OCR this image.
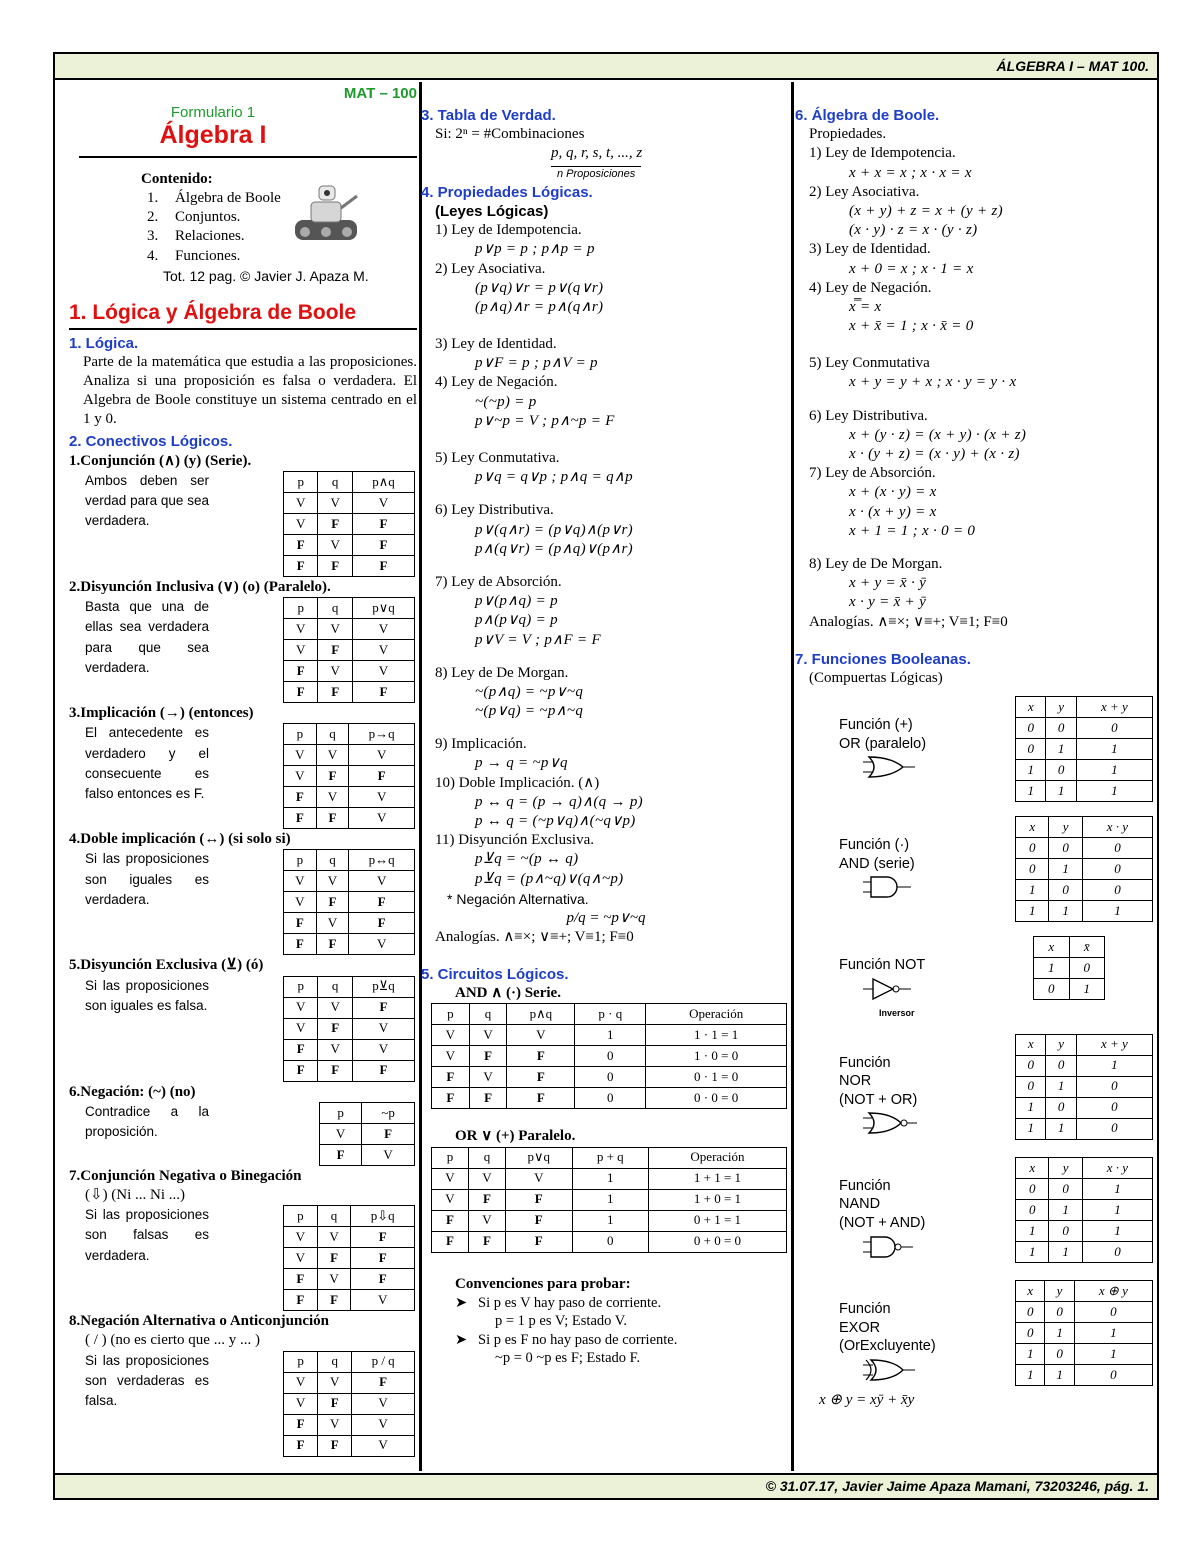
ÁLGEBRA I – MAT 100.
MAT – 100
Formulario 1
Álgebra I
Contenido:
1. Álgebra de Boole
2. Conjuntos.
3. Relaciones.
4. Funciones.
Tot. 12 pag. © Javier J. Apaza M.
1. Lógica y Álgebra de Boole
1. Lógica.
Parte de la matemática que estudia a las proposiciones. Analiza si una proposición es falsa o verdadera. El Algebra de Boole constituye un sistema centrado en el 1 y 0.
2. Conectivos Lógicos.
1.Conjunción (∧) (y) (Serie).
Ambos deben ser verdad para que sea verdadera.
p	q	p∧q
V	V	V
V	F	F
F	V	F
F	F	F
2.Disyunción Inclusiva (∨) (o) (Paralelo).
Basta que una de ellas sea verdadera para que sea verdadera.
p	q	p∨q
V	V	V
V	F	V
F	V	V
F	F	F
3.Implicación (→) (entonces)
El antecedente es verdadero y el consecuente es falso entonces es F.
p	q	p→q
V	V	V
V	F	F
F	V	V
F	F	V
4.Doble implicación (↔) (si solo si)
Si las proposiciones son iguales es verdadera.
p	q	p↔q
V	V	V
V	F	F
F	V	F
F	F	V
5.Disyunción Exclusiva (⊻) (ó)
Si las proposiciones son iguales es falsa.
p	q	p⊻q
V	V	F
V	F	V
F	V	V
F	F	F
6.Negación: (~) (no)
Contradice a la proposición.
p	~p
V	F
F	V
7.Conjunción Negativa o Binegación
(⇩) (Ni ... Ni ...)
Si las proposiciones son falsas es verdadera.
p	q	p⇩q
V	V	F
V	F	F
F	V	F
F	F	V
8.Negación Alternativa o Anticonjunción
( / ) (no es cierto que ... y ... )
Si las proposiciones son verdaderas es falsa.
p	q	p / q
V	V	F
V	F	V
F	V	V
F	F	V
3. Tabla de Verdad.
Si: 2ⁿ = #Combinaciones
p, q, r, s, t, ..., z
n Proposiciones
4. Propiedades Lógicas.
(Leyes Lógicas)
1) Ley de Idempotencia.
p∨p = p ; p∧p = p
2) Ley Asociativa.
(p∨q)∨r = p∨(q∨r)
(p∧q)∧r = p∧(q∧r)
3) Ley de Identidad.
p∨F = p ; p∧V = p
4) Ley de Negación.
~(~p) = p
p∨~p = V ; p∧~p = F
5) Ley Conmutativa.
p∨q = q∨p ; p∧q = q∧p
6) Ley Distributiva.
p∨(q∧r) = (p∨q)∧(p∨r)
p∧(q∨r) = (p∧q)∨(p∧r)
7) Ley de Absorción.
p∨(p∧q) = p
p∧(p∨q) = p
p∨V = V ; p∧F = F
8) Ley de De Morgan.
~(p∧q) = ~p∨~q
~(p∨q) = ~p∧~q
9) Implicación.
p → q = ~p∨q
10) Doble Implicación. (∧)
p ↔ q = (p → q)∧(q → p)
p ↔ q = (~p∨q)∧(~q∨p)
11) Disyunción Exclusiva.
p⊻q = ~(p ↔ q)
p⊻q = (p∧~q)∨(q∧~p)
* Negación Alternativa.
p/q = ~p∨~q
Analogías. ∧≡×; ∨≡+; V≡1; F≡0
5. Circuitos Lógicos.
AND ∧ (·) Serie.
p	q	p∧q	p · q	Operación
V	V	V	1	1 · 1 = 1
V	F	F	0	1 · 0 = 0
F	V	F	0	0 · 1 = 0
F	F	F	0	0 · 0 = 0
OR ∨ (+) Paralelo.
p	q	p∨q	p + q	Operación
V	V	V	1	1 + 1 = 1
V	F	F	1	1 + 0 = 1
F	V	F	1	0 + 1 = 1
F	F	F	0	0 + 0 = 0
Convenciones para probar:
➤   Si p es V hay paso de corriente.
p = 1 p es V; Estado V.
➤   Si p es F no hay paso de corriente.
~p = 0 ~p es F; Estado F.
6. Álgebra de Boole.
Propiedades.
1) Ley de Idempotencia.
x + x = x ; x · x = x
2) Ley Asociativa.
(x + y) + z = x + (y + z)
(x · y) · z = x · (y · z)
3) Ley de Identidad.
x + 0 = x ; x · 1 = x
4) Ley de Negación.
x̿ = x
x + x̄ = 1 ; x · x̄ = 0
5) Ley Conmutativa
x + y = y + x ; x · y = y · x
6) Ley Distributiva.
x + (y · z) = (x + y) · (x + z)
x · (y + z) = (x · y) + (x · z)
7) Ley de Absorción.
x + (x · y) = x
x · (x + y) = x
x + 1 = 1 ; x · 0 = 0
8) Ley de De Morgan.
x + y = x̄ · ȳ
x · y = x̄ + ȳ
Analogías. ∧≡×; ∨≡+; V≡1; F≡0
7. Funciones Booleanas.
(Compuertas Lógicas)
Función (+)
OR (paralelo)
x	y	x + y
0	0	0
0	1	1
1	0	1
1	1	1
Función (·)
AND (serie)
x	y	x · y
0	0	0
0	1	0
1	0	0
1	1	1
Función NOT
Inversor
x	x̄
1	0
0	1
Función
NOR
(NOT + OR)
x	y	x + y
0	0	1
0	1	0
1	0	0
1	1	0
Función
NAND
(NOT + AND)
x	y	x · y
0	0	1
0	1	1
1	0	1
1	1	0
Función
EXOR
(OrExcluyente)
x	y	x ⊕ y
0	0	0
0	1	1
1	0	1
1	1	0
x ⊕ y = xȳ + x̄y
© 31.07.17, Javier Jaime Apaza Mamani, 73203246, pág. 1.
